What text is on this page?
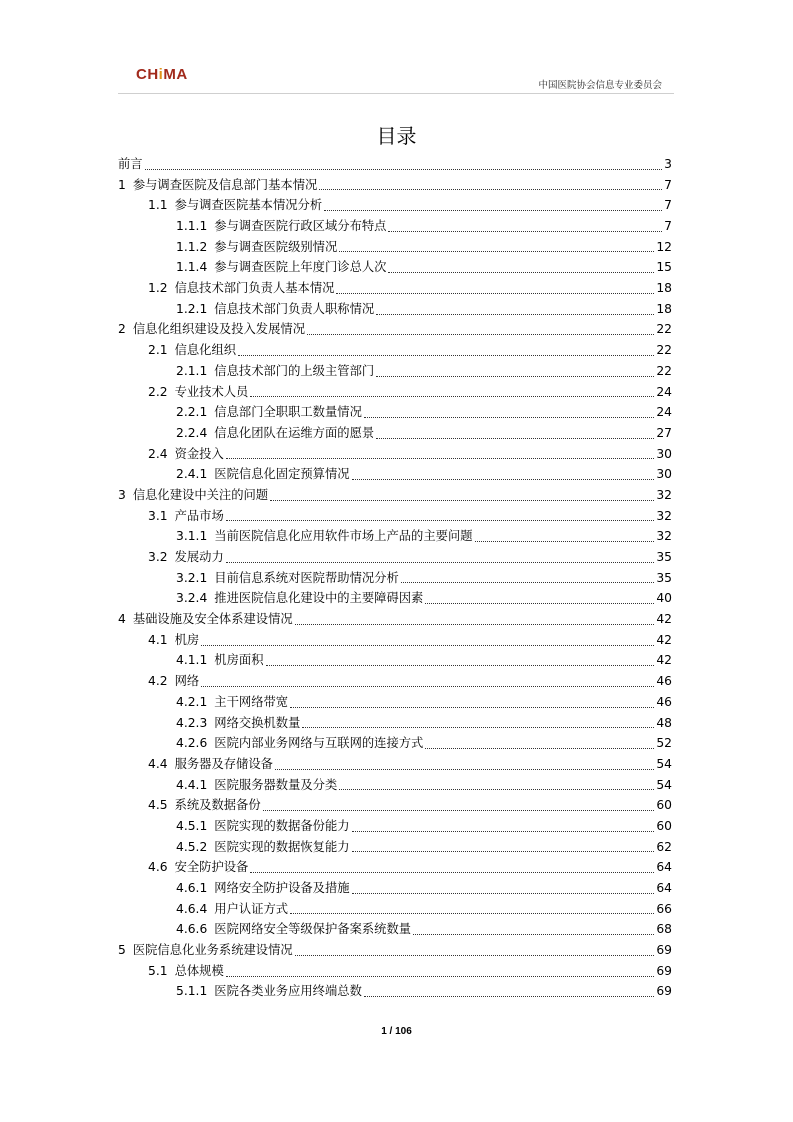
CHiMA
中国医院协会信息专业委员会
目录
前言	3
1 参与调查医院及信息部门基本情况	7
1.1 参与调查医院基本情况分析	7
1.1.1 参与调查医院行政区域分布特点	7
1.1.2 参与调查医院级别情况	12
1.1.4 参与调查医院上年度门诊总人次	15
1.2 信息技术部门负责人基本情况	18
1.2.1 信息技术部门负责人职称情况	18
2 信息化组织建设及投入发展情况	22
2.1 信息化组织	22
2.1.1 信息技术部门的上级主管部门	22
2.2 专业技术人员	24
2.2.1 信息部门全职职工数量情况	24
2.2.4 信息化团队在运维方面的愿景	27
2.4 资金投入	30
2.4.1 医院信息化固定预算情况	30
3 信息化建设中关注的问题	32
3.1 产品市场	32
3.1.1 当前医院信息化应用软件市场上产品的主要问题	32
3.2 发展动力	35
3.2.1 目前信息系统对医院帮助情况分析	35
3.2.4 推进医院信息化建设中的主要障碍因素	40
4 基础设施及安全体系建设情况	42
4.1 机房	42
4.1.1 机房面积	42
4.2 网络	46
4.2.1 主干网络带宽	46
4.2.3 网络交换机数量	48
4.2.6 医院内部业务网络与互联网的连接方式	52
4.4 服务器及存储设备	54
4.4.1 医院服务器数量及分类	54
4.5 系统及数据备份	60
4.5.1 医院实现的数据备份能力	60
4.5.2 医院实现的数据恢复能力	62
4.6 安全防护设备	64
4.6.1 网络安全防护设备及措施	64
4.6.4 用户认证方式	66
4.6.6 医院网络安全等级保护备案系统数量	68
5 医院信息化业务系统建设情况	69
5.1 总体规模	69
5.1.1 医院各类业务应用终端总数	69
1 / 106
